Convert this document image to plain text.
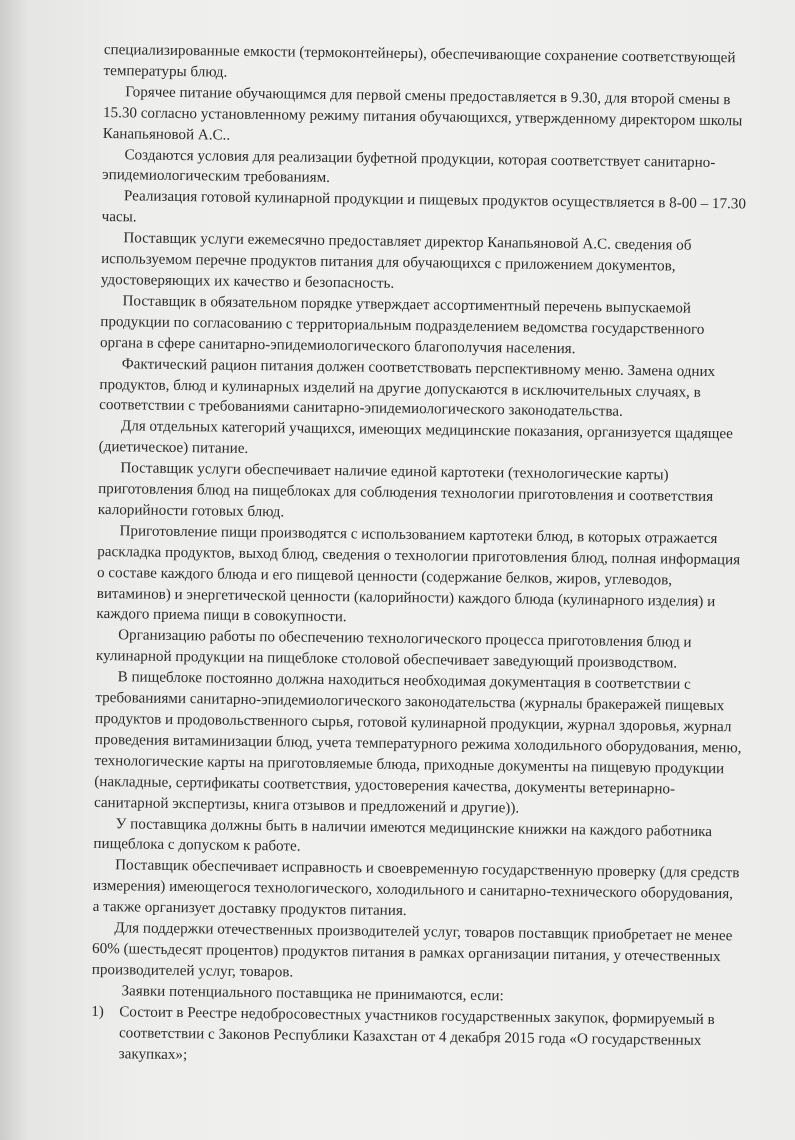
специализированные емкости (термоконтейнеры), обеспечивающие сохранение соответствующей температуры блюд.

Горячее питание обучающимся для первой смены предоставляется в 9.30, для второй смены в 15.30 согласно установленному режиму питания обучающихся, утвержденному директором школы Канапьяновой А.С..

Создаются условия для реализации буфетной продукции, которая соответствует санитарно-эпидемиологическим требованиям.

Реализация готовой кулинарной продукции и пищевых продуктов осуществляется в 8-00 – 17.30 часы.

Поставщик услуги ежемесячно предоставляет директор Канапьяновой А.С. сведения об используемом перечне продуктов питания для обучающихся с приложением документов, удостоверяющих их качество и безопасность.

Поставщик в обязательном порядке утверждает ассортиментный перечень выпускаемой продукции по согласованию с территориальным подразделением ведомства государственного органа в сфере санитарно-эпидемиологического благополучия населения.

Фактический рацион питания должен соответствовать перспективному меню. Замена одних продуктов, блюд и кулинарных изделий на другие допускаются в исключительных случаях, в соответствии с требованиями санитарно-эпидемиологического законодательства.

Для отдельных категорий учащихся, имеющих медицинские показания, организуется щадящее (диетическое) питание.

Поставщик услуги обеспечивает наличие единой картотеки (технологические карты) приготовления блюд на пищеблоках для соблюдения технологии приготовления и соответствия калорийности готовых блюд.

Приготовление пищи производятся с использованием картотеки блюд, в которых отражается раскладка продуктов, выход блюд, сведения о технологии приготовления блюд, полная информация о составе каждого блюда и его пищевой ценности (содержание белков, жиров, углеводов, витаминов) и энергетической ценности (калорийности) каждого блюда (кулинарного изделия) и каждого приема пищи в совокупности.

Организацию работы по обеспечению технологического процесса приготовления блюд и кулинарной продукции на пищеблоке столовой обеспечивает заведующий производством.

В пищеблоке постоянно должна находиться необходимая документация в соответствии с требованиями санитарно-эпидемиологического законодательства (журналы бракеражей пищевых продуктов и продовольственного сырья, готовой кулинарной продукции, журнал здоровья, журнал проведения витаминизации блюд, учета температурного режима холодильного оборудования, меню, технологические карты на приготовляемые блюда, приходные документы на пищевую продукции (накладные, сертификаты соответствия, удостоверения качества, документы ветеринарно-санитарной экспертизы, книга отзывов и предложений и другие)).

У поставщика должны быть в наличии имеются медицинские книжки на каждого работника пищеблока с допуском к работе.

Поставщик обеспечивает исправность и своевременную государственную проверку (для средств измерения) имеющегося технологического, холодильного и санитарно-технического оборудования, а также организует доставку продуктов питания.

Для поддержки отечественных производителей услуг, товаров поставщик приобретает не менее 60% (шестьдесят процентов) продуктов питания в рамках организации питания, у отечественных производителей услуг, товаров.

Заявки потенциального поставщика не принимаются, если:

1) Состоит в Реестре недобросовестных участников государственных закупок, формируемый в соответствии с Законов Республики Казахстан от 4 декабря 2015 года «О государственных закупках»;
